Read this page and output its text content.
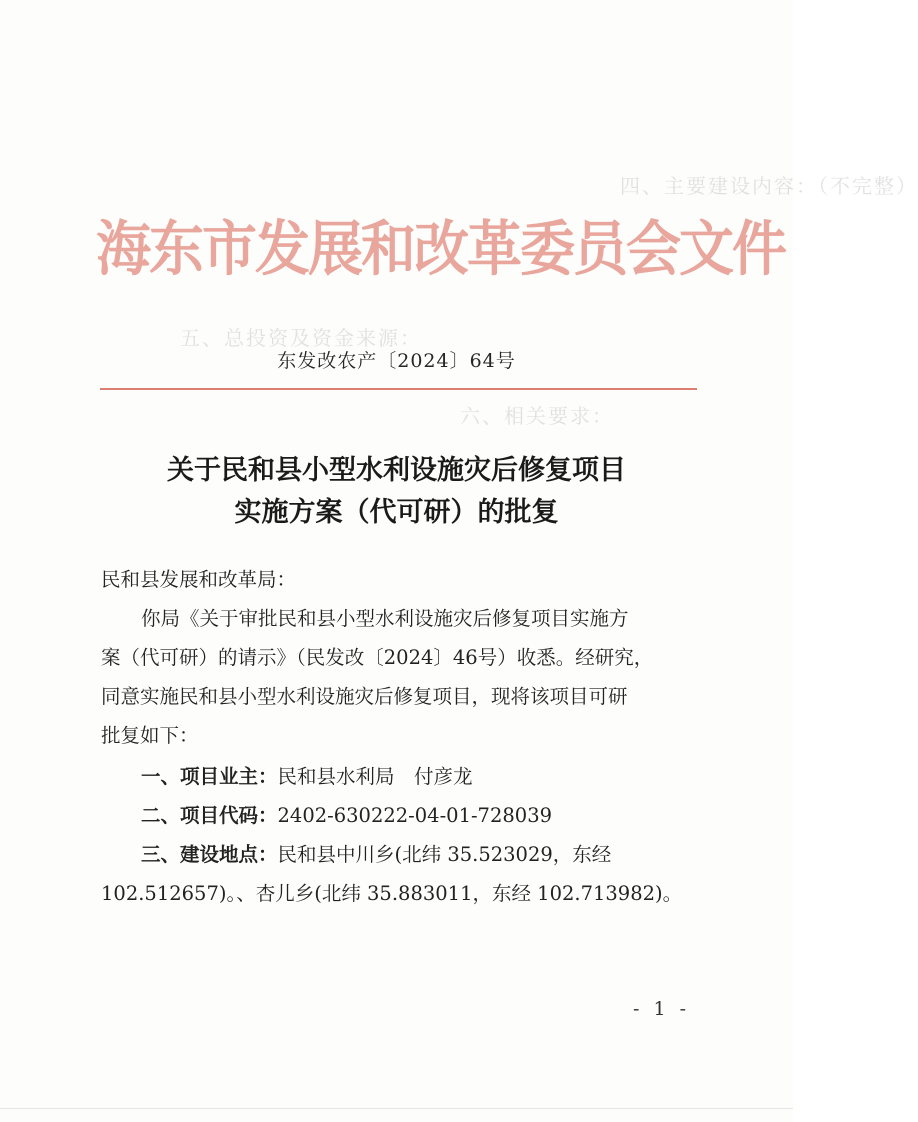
四、主要建设内容：（不完整）
五、总投资及资金来源：
六、相关要求：
海东市发展和改革委员会文件
东发改农产〔2024〕64号
关于民和县小型水利设施灾后修复项目
实施方案（代可研）的批复
民和县发展和改革局：
你局《关于审批民和县小型水利设施灾后修复项目实施方
案（代可研）的请示》（民发改〔2024〕46号）收悉。经研究，
同意实施民和县小型水利设施灾后修复项目，现将该项目可研
批复如下：
一、项目业主：民和县水利局　付彦龙
二、项目代码：2402-630222-04-01-728039
三、建设地点：民和县中川乡(北纬 35.523029，东经
102.512657)。、杏儿乡(北纬 35.883011，东经 102.713982)。
- 1 -
